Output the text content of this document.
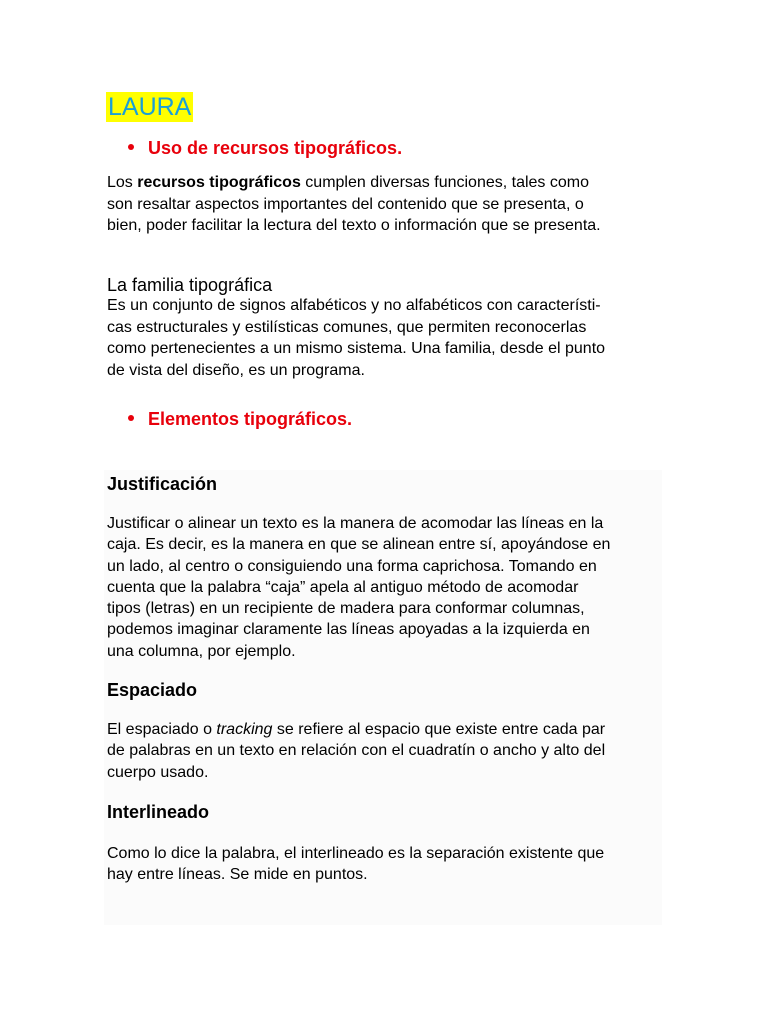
LAURA
Uso de recursos tipográficos.
Los recursos tipográficos cumplen diversas funciones, tales como
son resaltar aspectos importantes del contenido que se presenta, o
bien, poder facilitar la lectura del texto o información que se presenta.
La familia tipográfica
Es un conjunto de signos alfabéticos y no alfabéticos con característi-
cas estructurales y estilísticas comunes, que permiten reconocerlas
como pertenecientes a un mismo sistema. Una familia, desde el punto
de vista del diseño, es un programa.
Elementos tipográficos.
Justificación
Justificar o alinear un texto es la manera de acomodar las líneas en la
caja. Es decir, es la manera en que se alinean entre sí, apoyándose en
un lado, al centro o consiguiendo una forma caprichosa. Tomando en
cuenta que la palabra “caja” apela al antiguo método de acomodar
tipos (letras) en un recipiente de madera para conformar columnas,
podemos imaginar claramente las líneas apoyadas a la izquierda en
una columna, por ejemplo.
Espaciado
El espaciado o tracking se refiere al espacio que existe entre cada par
de palabras en un texto en relación con el cuadratín o ancho y alto del
cuerpo usado.
Interlineado
Como lo dice la palabra, el interlineado es la separación existente que
hay entre líneas. Se mide en puntos.
